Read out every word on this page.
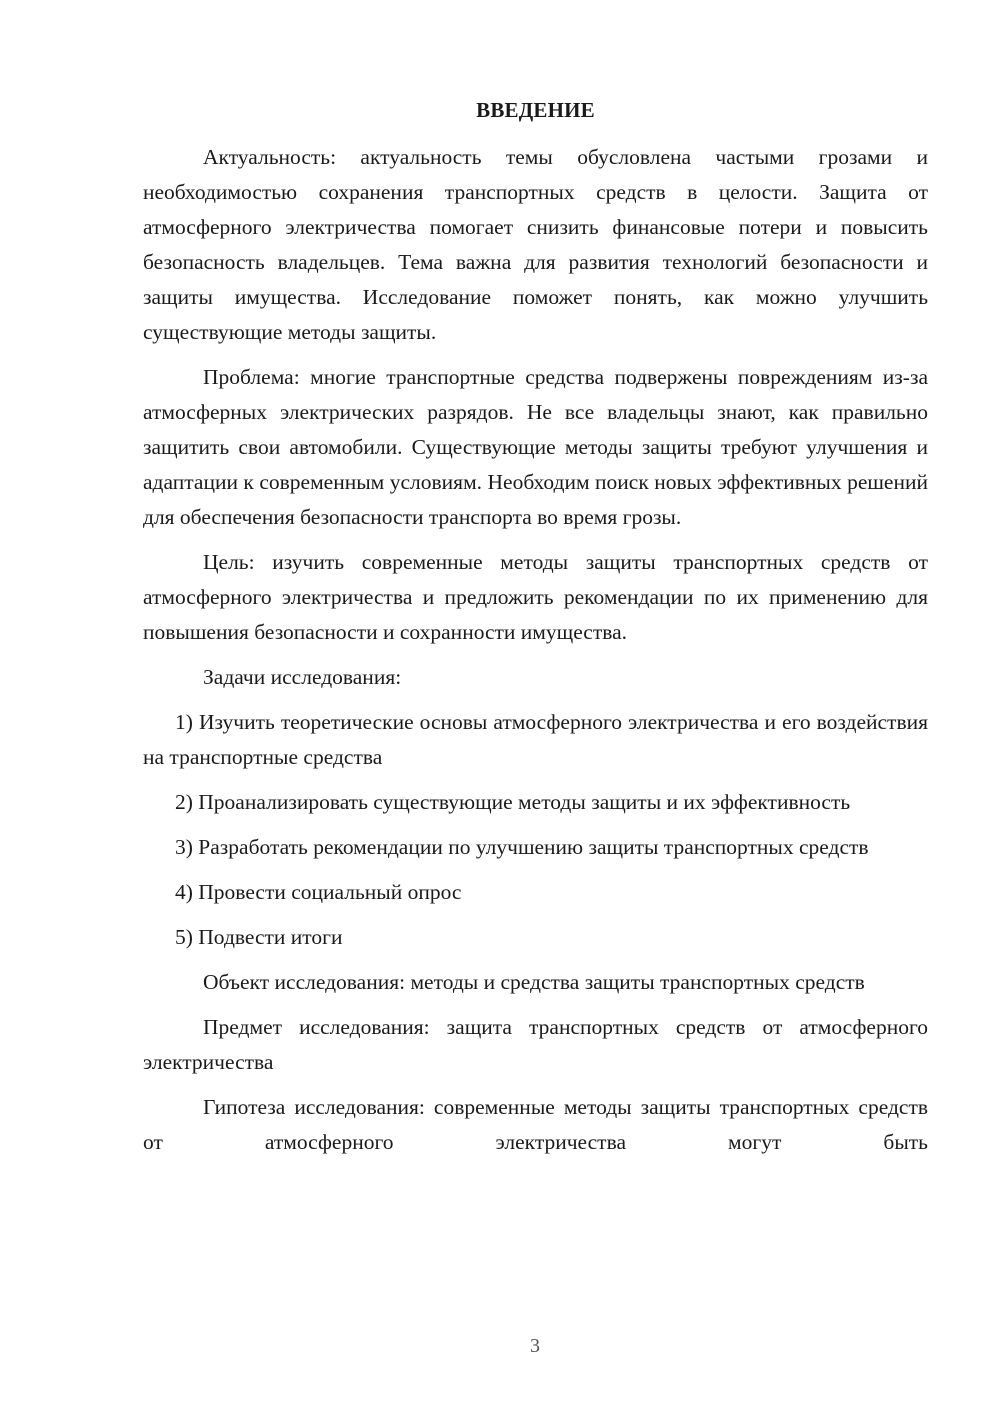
ВВЕДЕНИЕ

Актуальность: актуальность темы обусловлена частыми грозами и необходимостью сохранения транспортных средств в целости. Защита от атмосферного электричества помогает снизить финансовые потери и повысить безопасность владельцев. Тема важна для развития технологий безопасности и защиты имущества. Исследование поможет понять, как можно улучшить существующие методы защиты.

Проблема: многие транспортные средства подвержены повреждениям из-за атмосферных электрических разрядов. Не все владельцы знают, как правильно защитить свои автомобили. Существующие методы защиты требуют улучшения и адаптации к современным условиям. Необходим поиск новых эффективных решений для обеспечения безопасности транспорта во время грозы.

Цель: изучить современные методы защиты транспортных средств от атмосферного электричества и предложить рекомендации по их применению для повышения безопасности и сохранности имущества.

Задачи исследования:

1) Изучить теоретические основы атмосферного электричества и его воздействия на транспортные средства

2) Проанализировать существующие методы защиты и их эффективность

3) Разработать рекомендации по улучшению защиты транспортных средств

4) Провести социальный опрос

5) Подвести итоги

Объект исследования: методы и средства защиты транспортных средств

Предмет исследования: защита транспортных средств от атмосферного электричества

Гипотеза исследования: современные методы защиты транспортных средств от атмосферного электричества могут быть

3
